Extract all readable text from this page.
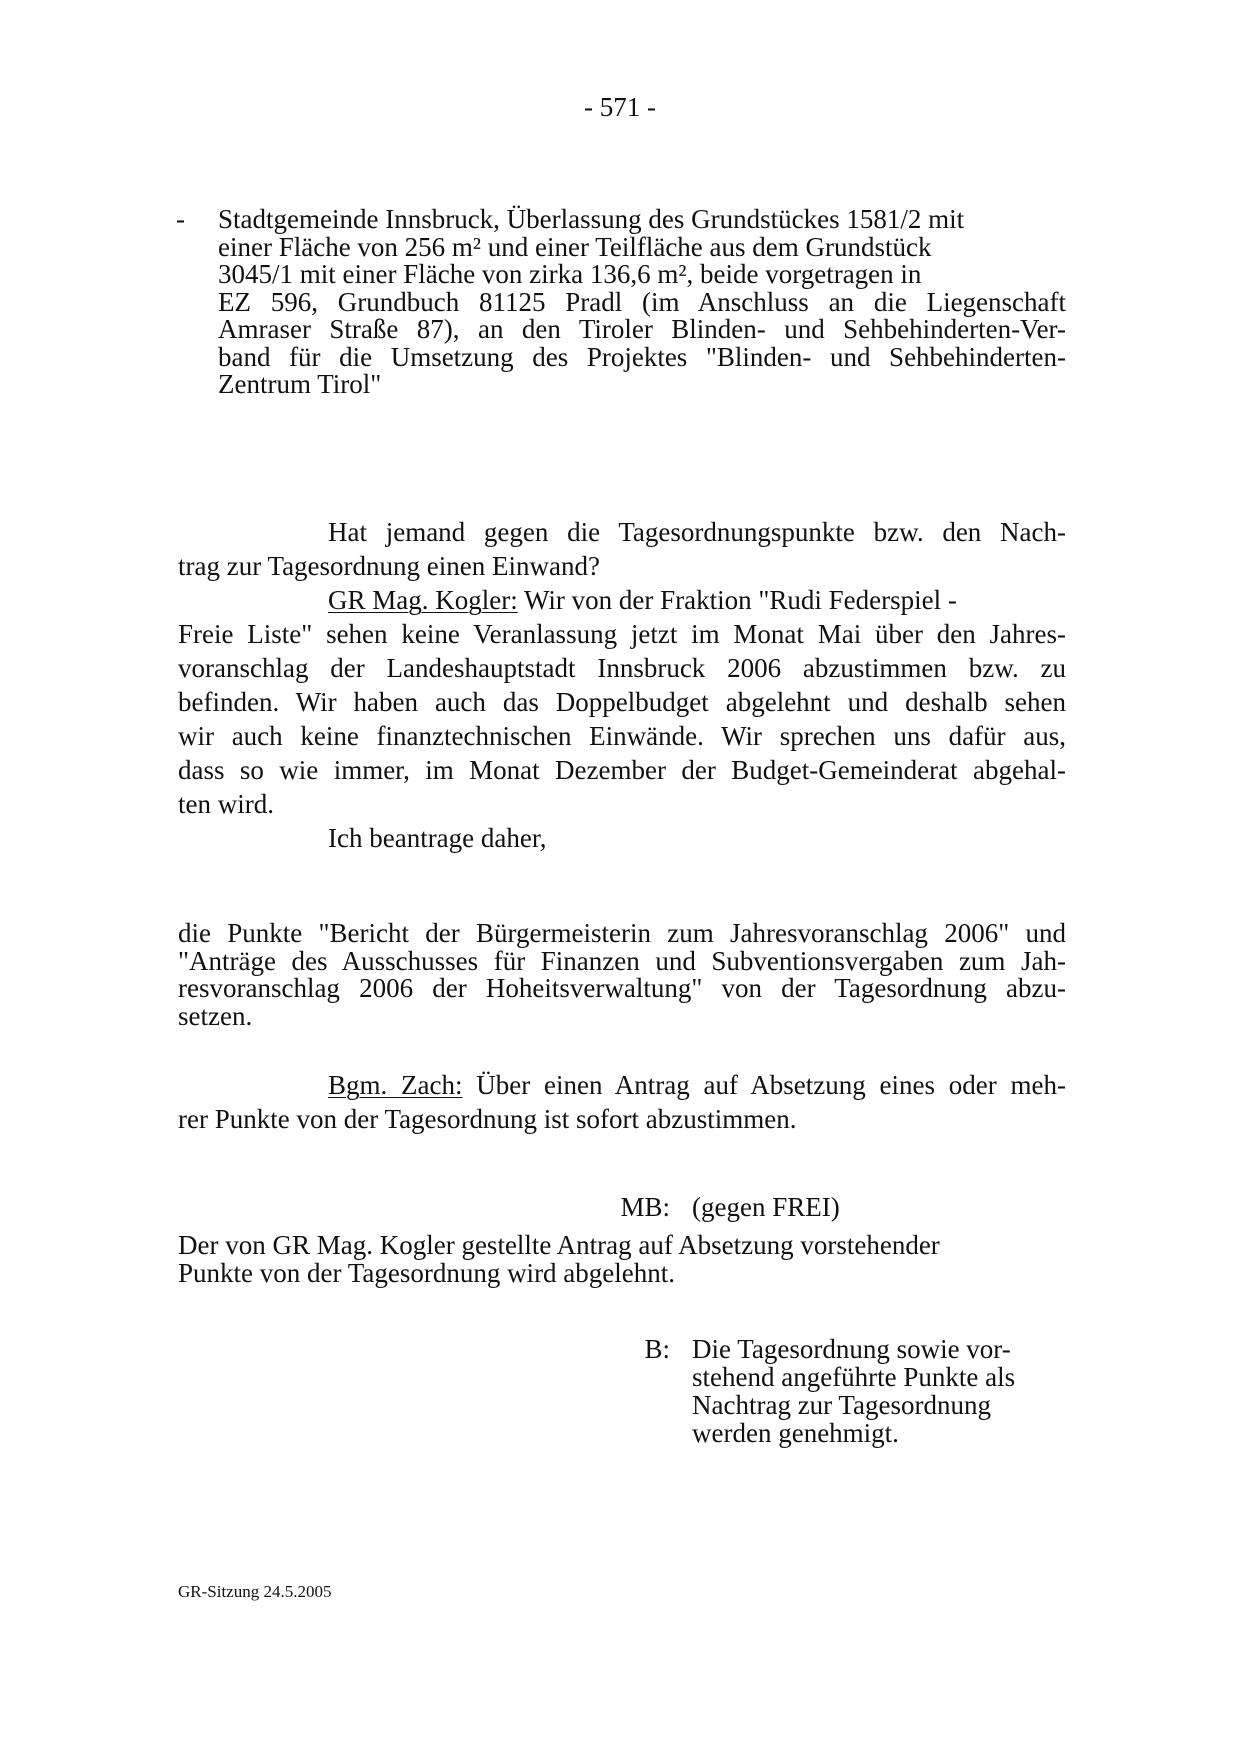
- 571 -
- Stadtgemeinde Innsbruck, Überlassung des Grundstückes 1581/2 mit
einer Fläche von 256 m² und einer Teilfläche aus dem Grundstück
3045/1 mit einer Fläche von zirka 136,6 m², beide vorgetragen in
EZ 596, Grundbuch 81125 Pradl (im Anschluss an die Liegenschaft
Amraser Straße 87), an den Tiroler Blinden- und Sehbehinderten-Ver-
band für die Umsetzung des Projektes "Blinden- und Sehbehinderten-
Zentrum Tirol"
Hat jemand gegen die Tagesordnungspunkte bzw. den Nach-
trag zur Tagesordnung einen Einwand?
GR Mag. Kogler: Wir von der Fraktion "Rudi Federspiel -
Freie Liste" sehen keine Veranlassung jetzt im Monat Mai über den Jahres-
voranschlag der Landeshauptstadt Innsbruck 2006 abzustimmen bzw. zu
befinden. Wir haben auch das Doppelbudget abgelehnt und deshalb sehen
wir auch keine finanztechnischen Einwände. Wir sprechen uns dafür aus,
dass so wie immer, im Monat Dezember der Budget-Gemeinderat abgehal-
ten wird.
Ich beantrage daher,
die Punkte "Bericht der Bürgermeisterin zum Jahresvoranschlag 2006" und
"Anträge des Ausschusses für Finanzen und Subventionsvergaben zum Jah-
resvoranschlag 2006 der Hoheitsverwaltung" von der Tagesordnung abzu-
setzen.
Bgm. Zach: Über einen Antrag auf Absetzung eines oder meh-
rer Punkte von der Tagesordnung ist sofort abzustimmen.
MB: (gegen FREI)
Der von GR Mag. Kogler gestellte Antrag auf Absetzung vorstehender
Punkte von der Tagesordnung wird abgelehnt.
B: Die Tagesordnung sowie vor-
stehend angeführte Punkte als
Nachtrag zur Tagesordnung
werden genehmigt.
GR-Sitzung 24.5.2005
